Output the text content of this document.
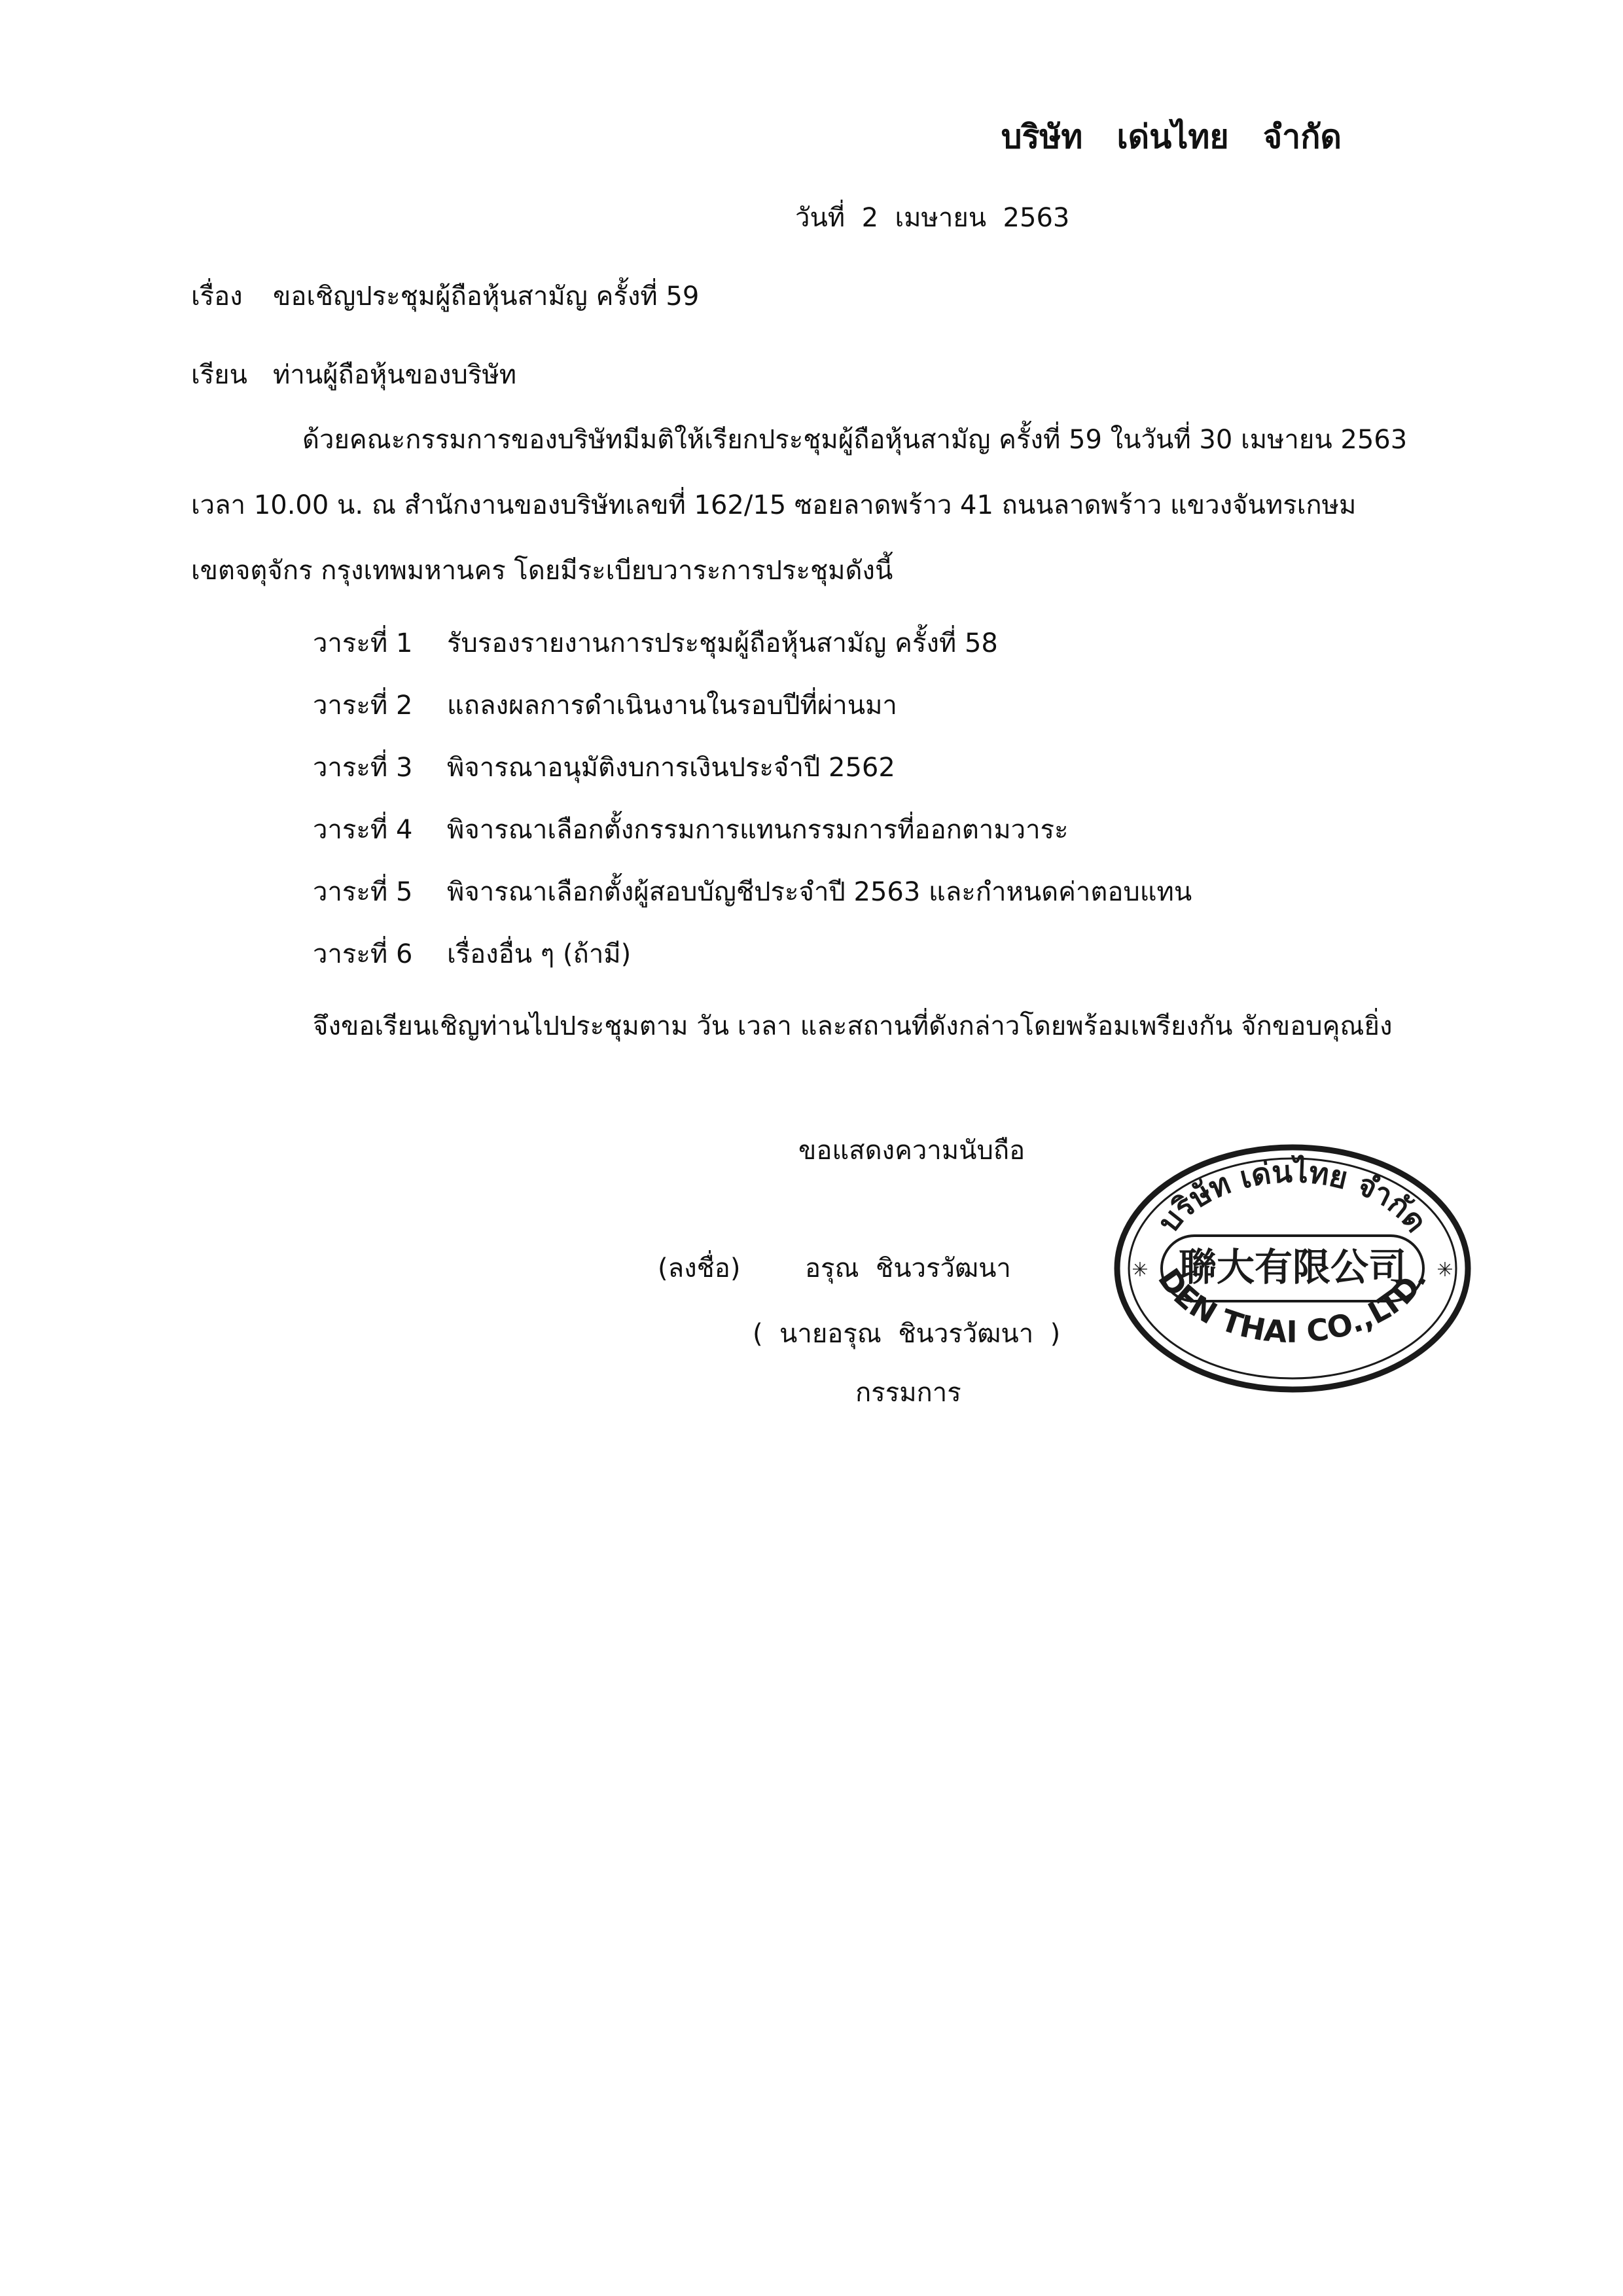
บริษัท   เด่นไทย   จำกัด
วันที่  2  เมษายน  2563
เรื่อง ขอเชิญประชุมผู้ถือหุ้นสามัญ ครั้งที่ 59
เรียน ท่านผู้ถือหุ้นของบริษัท
ด้วยคณะกรรมการของบริษัทมีมติให้เรียกประชุมผู้ถือหุ้นสามัญ ครั้งที่ 59 ในวันที่ 30 เมษายน 2563
เวลา 10.00 น. ณ สำนักงานของบริษัทเลขที่ 162/15 ซอยลาดพร้าว 41 ถนนลาดพร้าว แขวงจันทรเกษม
เขตจตุจักร กรุงเทพมหานคร โดยมีระเบียบวาระการประชุมดังนี้
วาระที่ 1 รับรองรายงานการประชุมผู้ถือหุ้นสามัญ ครั้งที่ 58
วาระที่ 2 แถลงผลการดำเนินงานในรอบปีที่ผ่านมา
วาระที่ 3 พิจารณาอนุมัติงบการเงินประจำปี 2562
วาระที่ 4 พิจารณาเลือกตั้งกรรมการแทนกรรมการที่ออกตามวาระ
วาระที่ 5 พิจารณาเลือกตั้งผู้สอบบัญชีประจำปี 2563 และกำหนดค่าตอบแทน
วาระที่ 6 เรื่องอื่น ๆ (ถ้ามี)
จึงขอเรียนเชิญท่านไปประชุมตาม วัน เวลา และสถานที่ดังกล่าวโดยพร้อมเพรียงกัน จักขอบคุณยิ่ง
ขอแสดงความนับถือ
(ลงชื่อ) อรุณ  ชินวรวัฒนา
(  นายอรุณ  ชินวรวัฒนา  )
กรรมการ
บริษัท เด่นไทย จำกัด
聯大有限公司
DEN THAI CO.,LTD.
✳	✳
